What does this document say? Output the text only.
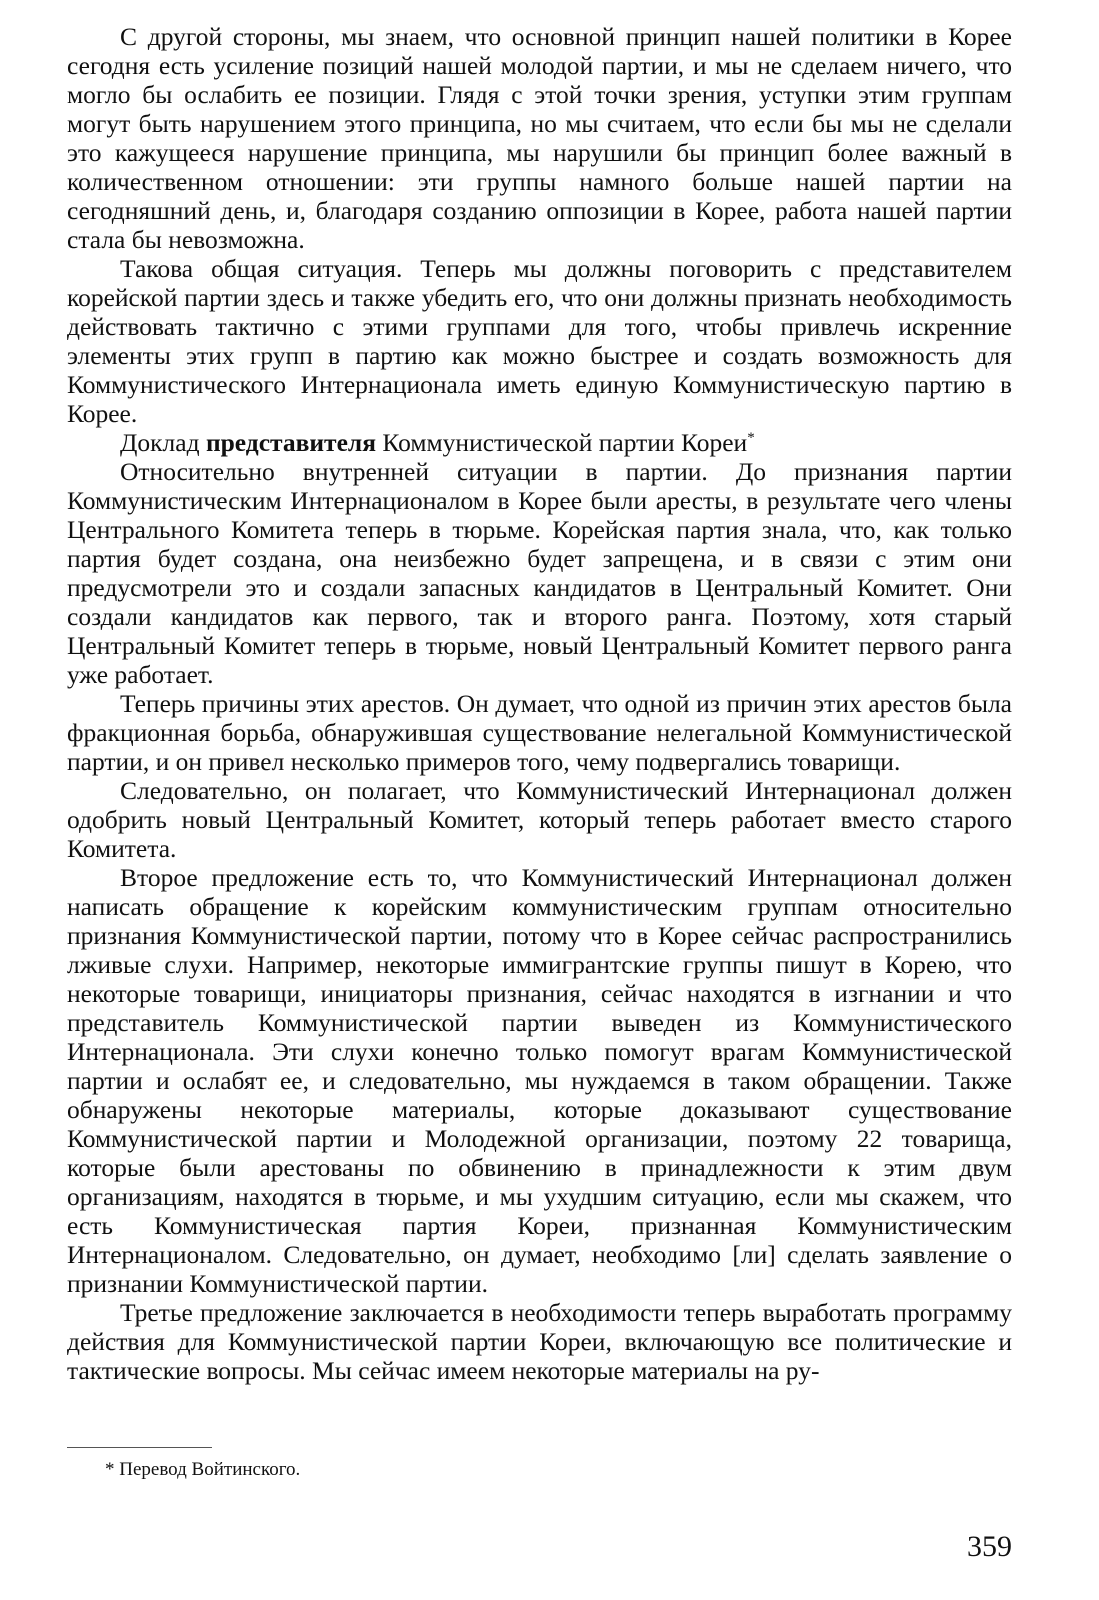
С другой стороны, мы знаем, что основной принцип нашей политики в Корее сегодня есть усиление позиций нашей молодой партии, и мы не сделаем ничего, что могло бы ослабить ее позиции. Глядя с этой точки зрения, уступки этим группам могут быть нарушением этого принципа, но мы считаем, что если бы мы не сделали это кажущееся нарушение принципа, мы нарушили бы принцип более важный в количественном отношении: эти группы намного больше нашей партии на сегодняшний день, и, благодаря созданию оппозиции в Корее, работа нашей партии стала бы невозможна.

Такова общая ситуация. Теперь мы должны поговорить с представителем корейской партии здесь и также убедить его, что они должны признать необходимость действовать тактично с этими группами для того, чтобы привлечь искренние элементы этих групп в партию как можно быстрее и создать возможность для Коммунистического Интернационала иметь единую Коммунистическую партию в Корее.

Доклад представителя Коммунистической партии Кореи*

Относительно внутренней ситуации в партии. До признания партии Коммунистическим Интернационалом в Корее были аресты, в результате чего члены Центрального Комитета теперь в тюрьме. Корейская партия знала, что, как только партия будет создана, она неизбежно будет запрещена, и в связи с этим они предусмотрели это и создали запасных кандидатов в Центральный Комитет. Они создали кандидатов как первого, так и второго ранга. Поэтому, хотя старый Центральный Комитет теперь в тюрьме, новый Центральный Комитет первого ранга уже работает.

Теперь причины этих арестов. Он думает, что одной из причин этих арестов была фракционная борьба, обнаружившая существование нелегальной Коммунистической партии, и он привел несколько примеров того, чему подвергались товарищи.

Следовательно, он полагает, что Коммунистический Интернационал должен одобрить новый Центральный Комитет, который теперь работает вместо старого Комитета.

Второе предложение есть то, что Коммунистический Интернационал должен написать обращение к корейским коммунистическим группам относительно признания Коммунистической партии, потому что в Корее сейчас распространились лживые слухи. Например, некоторые иммигрантские группы пишут в Корею, что некоторые товарищи, инициаторы признания, сейчас находятся в изгнании и что представитель Коммунистической партии выведен из Коммунистического Интернационала. Эти слухи конечно только помогут врагам Коммунистической партии и ослабят ее, и следовательно, мы нуждаемся в таком обращении. Также обнаружены некоторые материалы, которые доказывают существование Коммунистической партии и Молодежной организации, поэтому 22 товарища, которые были арестованы по обвинению в принадлежности к этим двум организациям, находятся в тюрьме, и мы ухудшим ситуацию, если мы скажем, что есть Коммунистическая партия Кореи, признанная Коммунистическим Интернационалом. Следовательно, он думает, необходимо [ли] сделать заявление о признании Коммунистической партии.

Третье предложение заключается в необходимости теперь выработать программу действия для Коммунистической партии Кореи, включающую все политические и тактические вопросы. Мы сейчас имеем некоторые материалы на ру-

* Перевод Войтинского.
359
